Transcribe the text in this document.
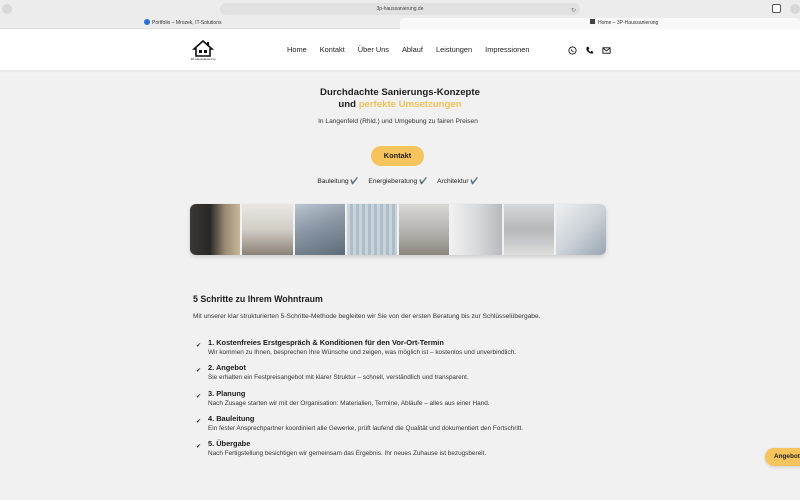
3p-haussanierung.de	↻
Portfolio – Mrozek, IT-Solutions	Home – 3P-Haussanierung
3P-Haussanierung
Home Kontakt Über Uns Ablauf Leistungen Impressionen
Durchdachte Sanierungs-Konzepte
und perfekte Umsetzungen
In Langenfeld (Rhld.) und Umgebung zu fairen Preisen
Kontakt
Bauleitung ✔️ Energieberatung ✔️ Architektur ✔️
5 Schritte zu Ihrem Wohntraum
Mit unserer klar strukturierten 5-Schritte-Methode begleiten wir Sie von der ersten Beratung bis zur Schlüsselübergabe.
✔ 1. Kostenfreies Erstgespräch & Konditionen für den Vor-Ort-Termin
Wir kommen zu Ihnen, besprechen Ihre Wünsche und zeigen, was möglich ist – kostenlos und unverbindlich.
✔ 2. Angebot
Sie erhalten ein Festpreisangebot mit klarer Struktur – schnell, verständlich und transparent.
✔ 3. Planung
Nach Zusage starten wir mit der Organisation: Materialien, Termine, Abläufe – alles aus einer Hand.
✔ 4. Bauleitung
Ein fester Ansprechpartner koordiniert alle Gewerke, prüft laufend die Qualität und dokumentiert den Fortschritt.
✔ 5. Übergabe
Nach Fertigstellung besichtigen wir gemeinsam das Ergebnis. Ihr neues Zuhause ist bezugsbereit.	Angebot
